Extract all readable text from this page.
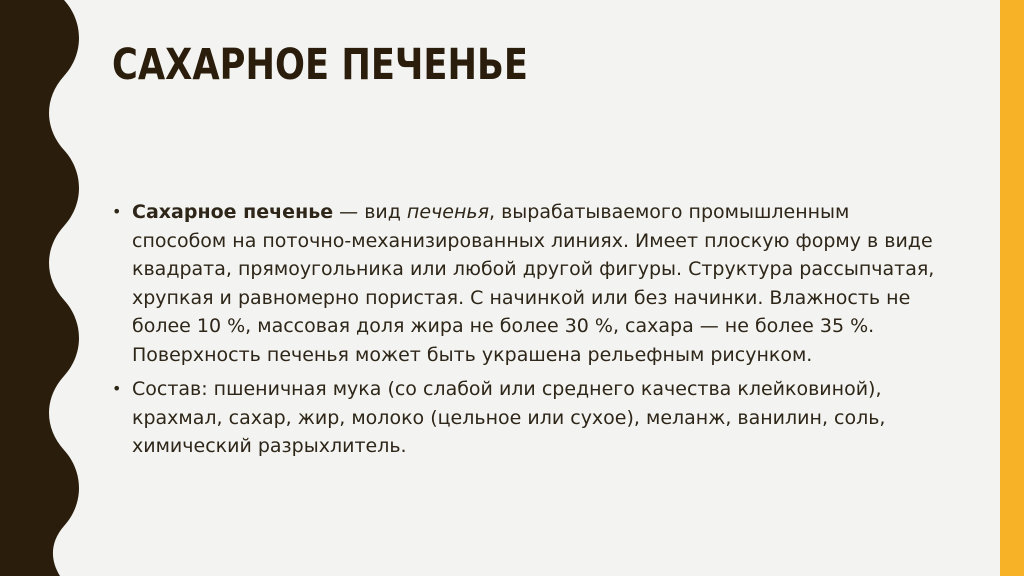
САХАРНОЕ ПЕЧЕНЬЕ
• Сахарное печенье — вид печенья, вырабатываемого промышленным способом на поточно-механизированных линиях. Имеет плоскую форму в виде квадрата, прямоугольника или любой другой фигуры. Структура рассыпчатая, хрупкая и равномерно пористая. С начинкой или без начинки. Влажность не более 10 %, массовая доля жира не более 30 %, сахара — не более 35 %. Поверхность печенья может быть украшена рельефным рисунком.
• Состав: пшеничная мука (со слабой или среднего качества клейковиной), крахмал, сахар, жир, молоко (цельное или сухое), меланж, ванилин, соль, химический разрыхлитель.
